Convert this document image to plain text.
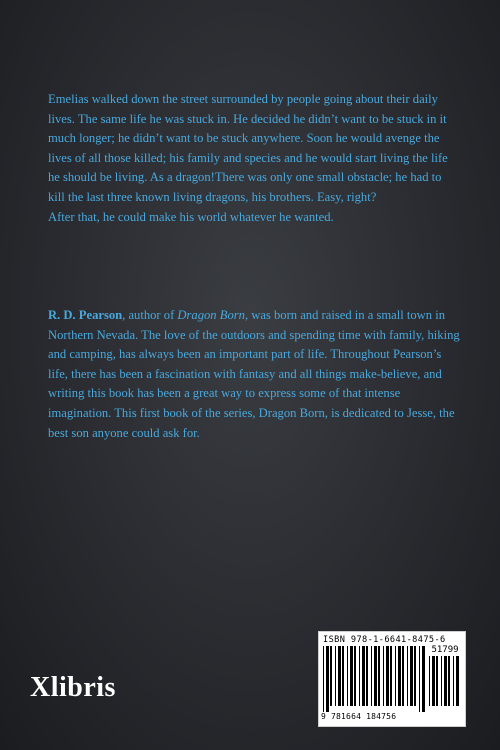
Emelias walked down the street surrounded by people going about their daily lives. The same life he was stuck in. He decided he didn’t want to be stuck in it much longer; he didn’t want to be stuck anywhere. Soon he would avenge the lives of all those killed; his family and species and he would start living the life he should be living. As a dragon!There was only one small obstacle; he had to kill the last three known living dragons, his brothers. Easy, right?

After that, he could make his world whatever he wanted.

R. D. Pearson, author of Dragon Born, was born and raised in a small town in Northern Nevada. The love of the outdoors and spending time with family, hiking and camping, has always been an important part of life. Throughout Pearson’s life, there has been a fascination with fantasy and all things make-believe, and writing this book has been a great way to express some of that intense imagination. This first book of the series, Dragon Born, is dedicated to Jesse, the best son anyone could ask for.

Xlibris
ISBN 978-1-6641-8475-6
51799
9 781664 184756
